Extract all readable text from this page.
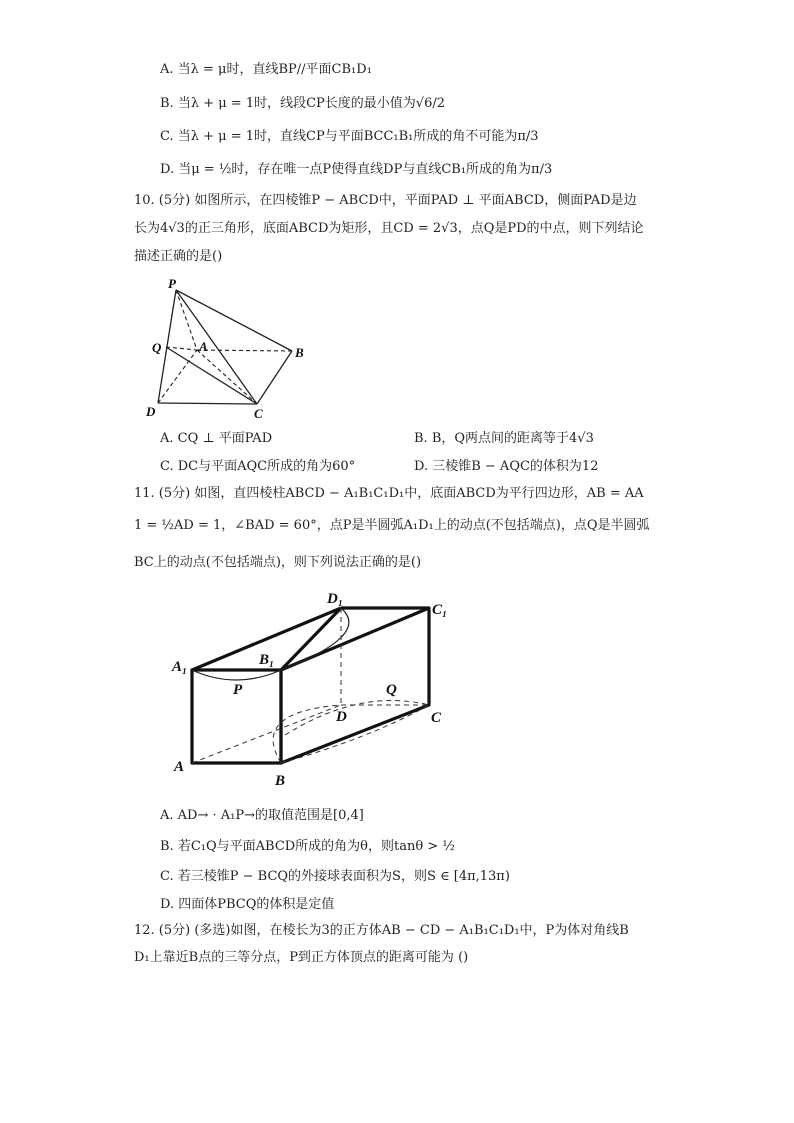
A. 当λ = μ时，直线BP//平面CB₁D₁
B. 当λ + μ = 1时，线段CP长度的最小值为√6/2
C. 当λ + μ = 1时，直线CP与平面BCC₁B₁所成的角不可能为π/3
D. 当μ = ½时，存在唯一点P使得直线DP与直线CB₁所成的角为π/3
10. (5分) 如图所示，在四棱锥P − ABCD中，平面PAD ⊥ 平面ABCD，侧面PAD是边
长为4√3的正三角形，底面ABCD为矩形，且CD = 2√3，点Q是PD的中点，则下列结论
描述正确的是()
P
Q	A	B
D	C
A. CQ ⊥ 平面PAD	B. B，Q两点间的距离等于4√3
C. DC与平面AQC所成的角为60°	D. 三棱锥B − AQC的体积为12
11. (5分) 如图，直四棱柱ABCD − A₁B₁C₁D₁中，底面ABCD为平行四边形，AB = AA
1 = ½AD = 1，∠BAD = 60°，点P是半圆弧A₁D₁上的动点(不包括端点)，点Q是半圆弧
BC上的动点(不包括端点)，则下列说法正确的是()
D₁
C₁
A₁	B₁
P	Q
D	C
A
B
A. AD→ · A₁P→的取值范围是[0,4]
B. 若C₁Q与平面ABCD所成的角为θ，则tanθ > ½
C. 若三棱锥P − BCQ的外接球表面积为S，则S ∈ [4π,13π)
D. 四面体PBCQ的体积是定值
12. (5分) (多选)如图，在棱长为3的正方体AB − CD − A₁B₁C₁D₁中，P为体对角线B
D₁上靠近B点的三等分点，P到正方体顶点的距离可能为 ()
